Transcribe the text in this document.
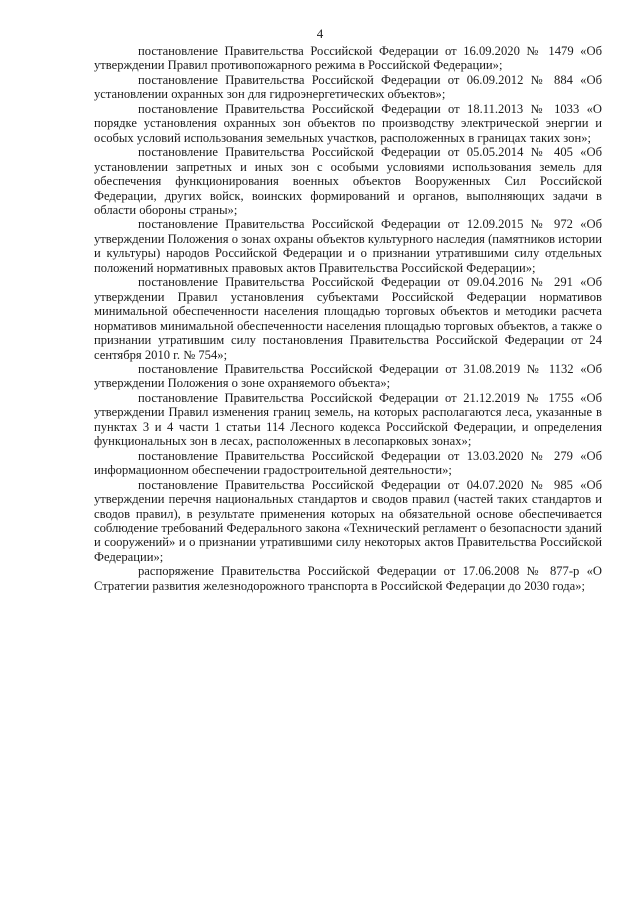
4

постановление Правительства Российской Федерации от 16.09.2020 № 1479 «Об утверждении Правил противопожарного режима в Российской Федерации»;

постановление Правительства Российской Федерации от 06.09.2012 № 884 «Об установлении охранных зон для гидроэнергетических объектов»;

постановление Правительства Российской Федерации от 18.11.2013 № 1033 «О порядке установления охранных зон объектов по производству электрической энергии и особых условий использования земельных участков, расположенных в границах таких зон»;

постановление Правительства Российской Федерации от 05.05.2014 № 405 «Об установлении запретных и иных зон с особыми условиями использования земель для обеспечения функционирования военных объектов Вооруженных Сил Российской Федерации, других войск, воинских формирований и органов, выполняющих задачи в области обороны страны»;

постановление Правительства Российской Федерации от 12.09.2015 № 972 «Об утверждении Положения о зонах охраны объектов культурного наследия (памятников истории и культуры) народов Российской Федерации и о признании утратившими силу отдельных положений нормативных правовых актов Правительства Российской Федерации»;

постановление Правительства Российской Федерации от 09.04.2016 № 291 «Об утверждении Правил установления субъектами Российской Федерации нормативов минимальной обеспеченности населения площадью торговых объектов и методики расчета нормативов минимальной обеспеченности населения площадью торговых объектов, а также о признании утратившим силу постановления Правительства Российской Федерации от 24 сентября 2010 г. № 754»;

постановление Правительства Российской Федерации от 31.08.2019 № 1132 «Об утверждении Положения о зоне охраняемого объекта»;

постановление Правительства Российской Федерации от 21.12.2019 № 1755 «Об утверждении Правил изменения границ земель, на которых располагаются леса, указанные в пунктах 3 и 4 части 1 статьи 114 Лесного кодекса Российской Федерации, и определения функциональных зон в лесах, расположенных в лесопарковых зонах»;

постановление Правительства Российской Федерации от 13.03.2020 № 279 «Об информационном обеспечении градостроительной деятельности»;

постановление Правительства Российской Федерации от 04.07.2020 № 985 «Об утверждении перечня национальных стандартов и сводов правил (частей таких стандартов и сводов правил), в результате применения которых на обязательной основе обеспечивается соблюдение требований Федерального закона «Технический регламент о безопасности зданий и сооружений» и о признании утратившими силу некоторых актов Правительства Российской Федерации»;

распоряжение Правительства Российской Федерации от 17.06.2008 № 877-р «О Стратегии развития железнодорожного транспорта в Российской Федерации до 2030 года»;
